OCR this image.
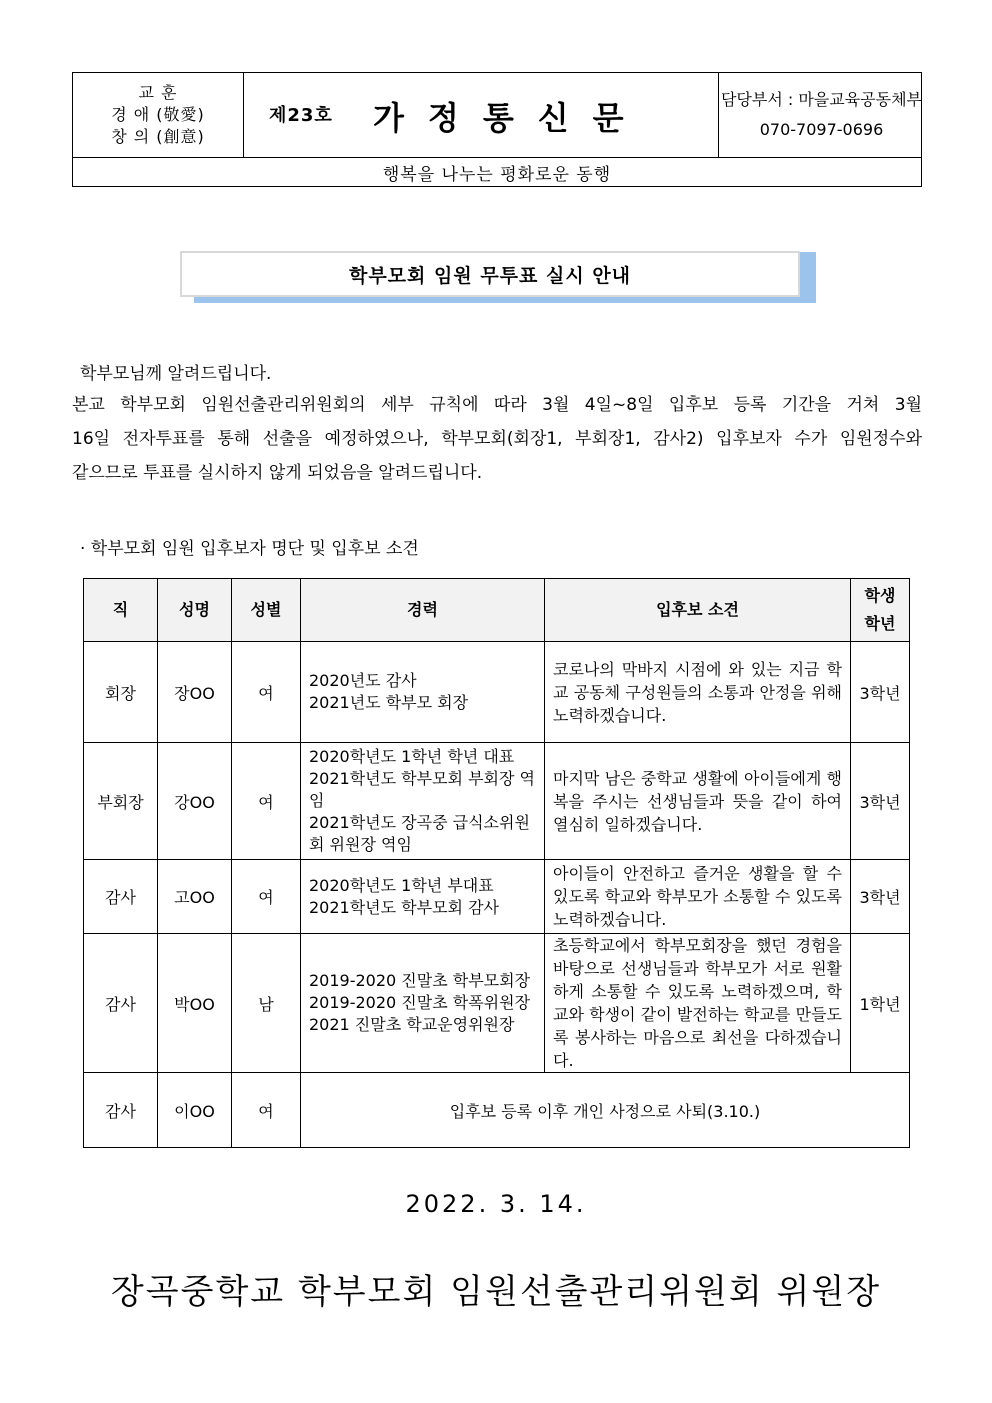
교 훈
경 애 (敬愛)
창 의 (創意)
제23호 가정통신문	담당부서 : 마을교육공동체부
070-7097-0696
행복을 나누는 평화로운 동행
학부모회 임원 무투표 실시 안내
학부모님께 알려드립니다.
본교 학부모회 임원선출관리위원회의 세부 규칙에 따라 3월 4일~8일 입후보 등록 기간을 거쳐 3월
16일 전자투표를 통해 선출을 예정하였으나, 학부모회(회장1, 부회장1, 감사2) 입후보자 수가 임원정수와
같으므로 투표를 실시하지 않게 되었음을 알려드립니다.
· 학부모회 임원 입후보자 명단 및 입후보 소견
직	성명	성별	경력	입후보 소견	학생
학년

회장	장OO	여	2020년도 감사
2021년도 학부모 회장	코로나의 막바지 시점에 와 있는 지금 학교 공동체 구성원들의 소통과 안정을 위해 노력하겠습니다.	3학년
부회장	강OO	여	2020학년도 1학년 학년 대표
2021학년도 학부모회 부회장 역임
2021학년도 장곡중 급식소위원회 위원장 역임	마지막 남은 중학교 생활에 아이들에게 행복을 주시는 선생님들과 뜻을 같이 하여 열심히 일하겠습니다.	3학년
감사	고OO	여	2020학년도 1학년 부대표
2021학년도 학부모회 감사	아이들이 안전하고 즐거운 생활을 할 수 있도록 학교와 학부모가 소통할 수 있도록 노력하겠습니다.	3학년
감사	박OO	남	2019-2020 진말초 학부모회장
2019-2020 진말초 학폭위원장
2021 진말초 학교운영위원장	초등학교에서 학부모회장을 했던 경험을 바탕으로 선생님들과 학부모가 서로 원활하게 소통할 수 있도록 노력하겠으며, 학교와 학생이 같이 발전하는 학교를 만들도록 봉사하는 마음으로 최선을 다하겠습니다.	1학년
감사	이OO	여	입후보 등록 이후 개인 사정으로 사퇴(3.10.)		
2022. 3. 14.
장곡중학교 학부모회 임원선출관리위원회 위원장
